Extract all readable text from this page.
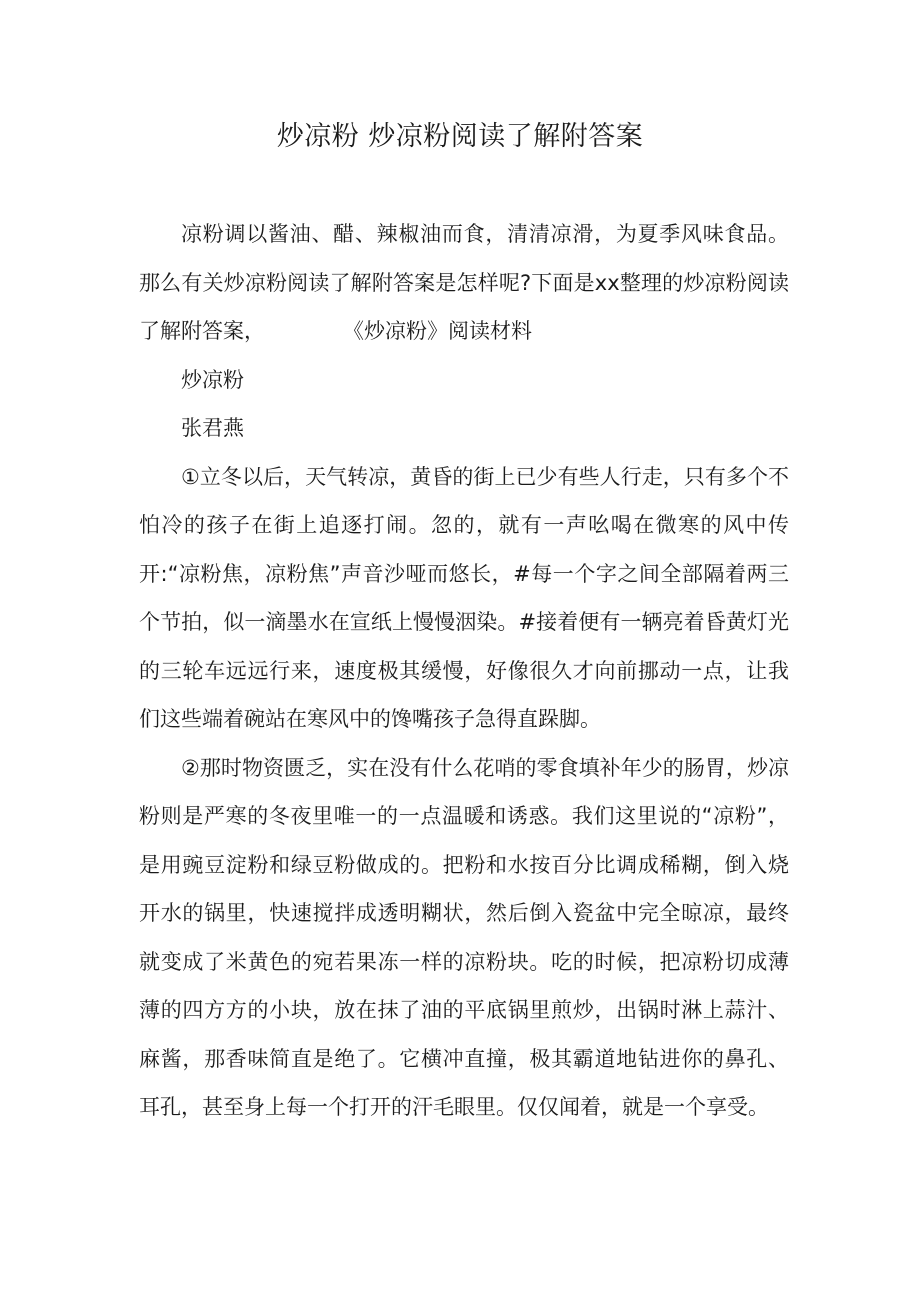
炒凉粉 炒凉粉阅读了解附答案

凉粉调以酱油、醋、辣椒油而食，清清凉滑，为夏季风味食品。那么有关炒凉粉阅读了解附答案是怎样呢?下面是xx整理的炒凉粉阅读了解附答案，	《炒凉粉》阅读材料

炒凉粉

张君燕

①立冬以后，天气转凉，黄昏的街上已少有些人行走，只有多个不怕冷的孩子在街上追逐打闹。忽的，就有一声吆喝在微寒的风中传开:“凉粉焦，凉粉焦”声音沙哑而悠长，#每一个字之间全部隔着两三个节拍，似一滴墨水在宣纸上慢慢洇染。#接着便有一辆亮着昏黄灯光的三轮车远远行来，速度极其缓慢，好像很久才向前挪动一点，让我们这些端着碗站在寒风中的馋嘴孩子急得直跺脚。

②那时物资匮乏，实在没有什么花哨的零食填补年少的肠胃，炒凉粉则是严寒的冬夜里唯一的一点温暖和诱惑。我们这里说的“凉粉”，是用豌豆淀粉和绿豆粉做成的。把粉和水按百分比调成稀糊，倒入烧开水的锅里，快速搅拌成透明糊状，然后倒入瓷盆中完全晾凉，最终就变成了米黄色的宛若果冻一样的凉粉块。吃的时候，把凉粉切成薄薄的四方方的小块，放在抹了油的平底锅里煎炒，出锅时淋上蒜汁、麻酱，那香味简直是绝了。它横冲直撞，极其霸道地钻进你的鼻孔、耳孔，甚至身上每一个打开的汗毛眼里。仅仅闻着，就是一个享受。
